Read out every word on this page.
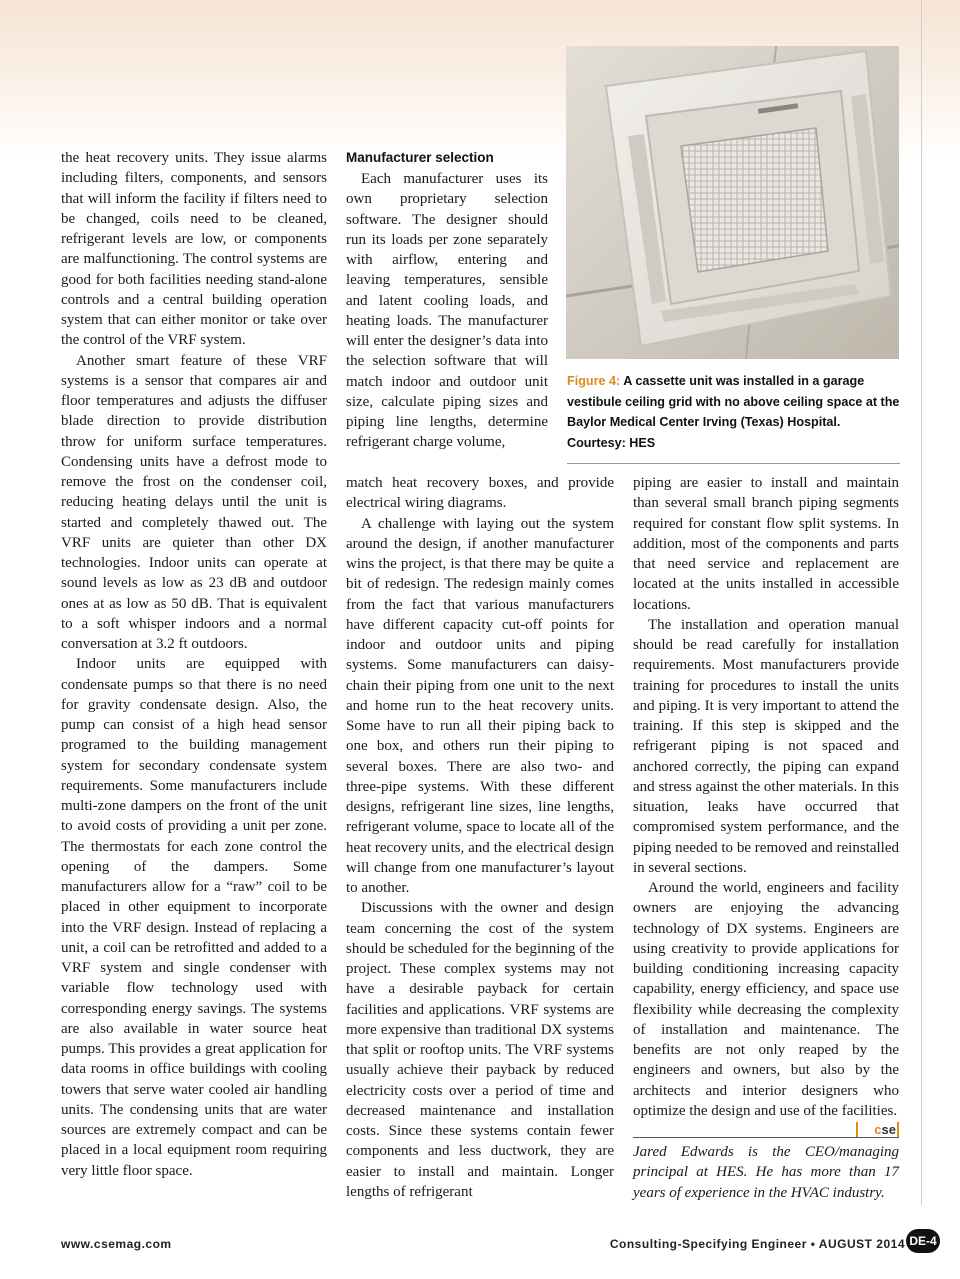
the heat recovery units. They issue alarms including filters, components, and sensors that will inform the facility if filters need to be changed, coils need to be cleaned, refrigerant levels are low, or components are malfunctioning. The control systems are good for both facilities needing stand-alone controls and a central building operation system that can either monitor or take over the control of the VRF system.

Another smart feature of these VRF systems is a sensor that compares air and floor temperatures and adjusts the diffuser blade direction to provide distribution throw for uniform surface temperatures. Condensing units have a defrost mode to remove the frost on the condenser coil, reducing heating delays until the unit is started and completely thawed out. The VRF units are quieter than other DX technologies. Indoor units can operate at sound levels as low as 23 dB and outdoor ones at as low as 50 dB. That is equivalent to a soft whisper indoors and a normal conversation at 3.2 ft outdoors.

Indoor units are equipped with condensate pumps so that there is no need for gravity condensate design. Also, the pump can consist of a high head sensor programed to the building management system for secondary condensate system requirements. Some manufacturers include multi-zone dampers on the front of the unit to avoid costs of providing a unit per zone. The thermostats for each zone control the opening of the dampers. Some manufacturers allow for a “raw” coil to be placed in other equipment to incorporate into the VRF design. Instead of replacing a unit, a coil can be retrofitted and added to a VRF system and single condenser with variable flow technology used with corresponding energy savings. The systems are also available in water source heat pumps. This provides a great application for data rooms in office buildings with cooling towers that serve water cooled air handling units. The condensing units that are water sources are extremely compact and can be placed in a local equipment room requiring very little floor space.

Manufacturer selection

Each manufacturer uses its own proprietary selection software. The designer should run its loads per zone separately with airflow, entering and leaving temperatures, sensible and latent cooling loads, and heating loads. The manufacturer will enter the designer’s data into the selection software that will match indoor and outdoor unit size, calculate piping sizes and piping line lengths, determine refrigerant charge volume,

match heat recovery boxes, and provide electrical wiring diagrams.

A challenge with laying out the system around the design, if another manufacturer wins the project, is that there may be quite a bit of redesign. The redesign mainly comes from the fact that various manufacturers have different capacity cut-off points for indoor and outdoor units and piping systems. Some manufacturers can daisy-chain their piping from one unit to the next and home run to the heat recovery units. Some have to run all their piping back to one box, and others run their piping to several boxes. There are also two- and three-pipe systems. With these different designs, refrigerant line sizes, line lengths, refrigerant volume, space to locate all of the heat recovery units, and the electrical design will change from one manufacturer’s layout to another.

Discussions with the owner and design team concerning the cost of the system should be scheduled for the beginning of the project. These complex systems may not have a desirable payback for certain facilities and applications. VRF systems are more expensive than traditional DX systems that split or rooftop units. The VRF systems usually achieve their payback by reduced electricity costs over a period of time and decreased maintenance and installation costs. Since these systems contain fewer components and less ductwork, they are easier to install and maintain. Longer lengths of refrigerant

Figure 4: A cassette unit was installed in a garage vestibule ceiling grid with no above ceiling space at the Baylor Medical Center Irving (Texas) Hospital. Courtesy: HES

piping are easier to install and maintain than several small branch piping segments required for constant flow split systems. In addition, most of the components and parts that need service and replacement are located at the units installed in accessible locations.

The installation and operation manual should be read carefully for installation requirements. Most manufacturers provide training for procedures to install the units and piping. It is very important to attend the training. If this step is skipped and the refrigerant piping is not spaced and anchored correctly, the piping can expand and stress against the other materials. In this situation, leaks have occurred that compromised system performance, and the piping needed to be removed and reinstalled in several sections.

Around the world, engineers and facility owners are enjoying the advancing technology of DX systems. Engineers are using creativity to provide applications for building conditioning increasing capacity capability, energy efficiency, and space use flexibility while decreasing the complexity of installation and maintenance. The benefits are not only reaped by the engineers and owners, but also by the architects and interior designers who optimize the design and use of the facilities.
cse

Jared Edwards is the CEO/managing principal at HES. He has more than 17 years of experience in the HVAC industry.
www.csemag.com	Consulting-Specifying Engineer • AUGUST 2014 DE-4
